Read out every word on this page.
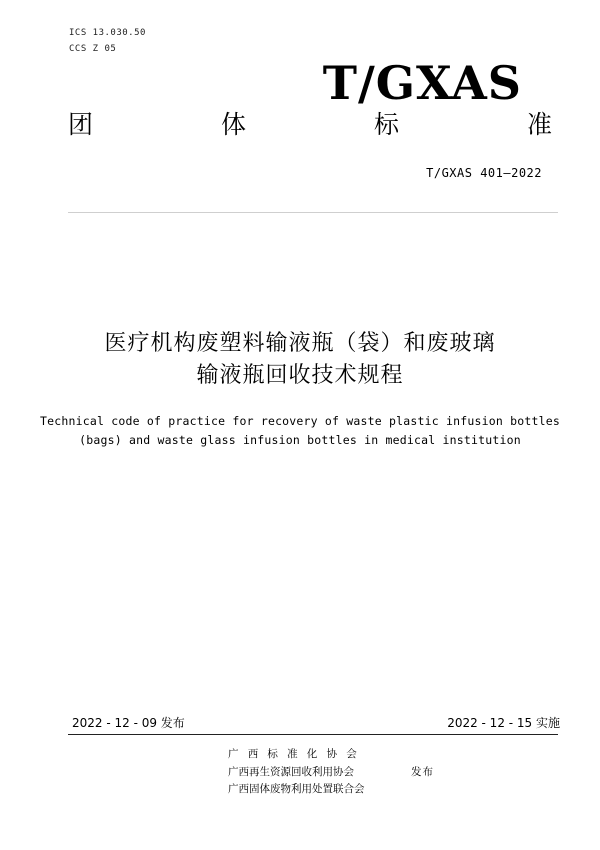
ICS 13.030.50
CCS Z 05
T/GXAS
团	体	标	准
T/GXAS 401—2022
医疗机构废塑料输液瓶（袋）和废玻璃
输液瓶回收技术规程
Technical code of practice for recovery of waste plastic infusion bottles
(bags) and waste glass infusion bottles in medical institution
2022 - 12 - 09 发布	2022 - 12 - 15 实施
广西标准化协会
广西再生资源回收利用协会
广西固体废物利用处置联合会
发布
